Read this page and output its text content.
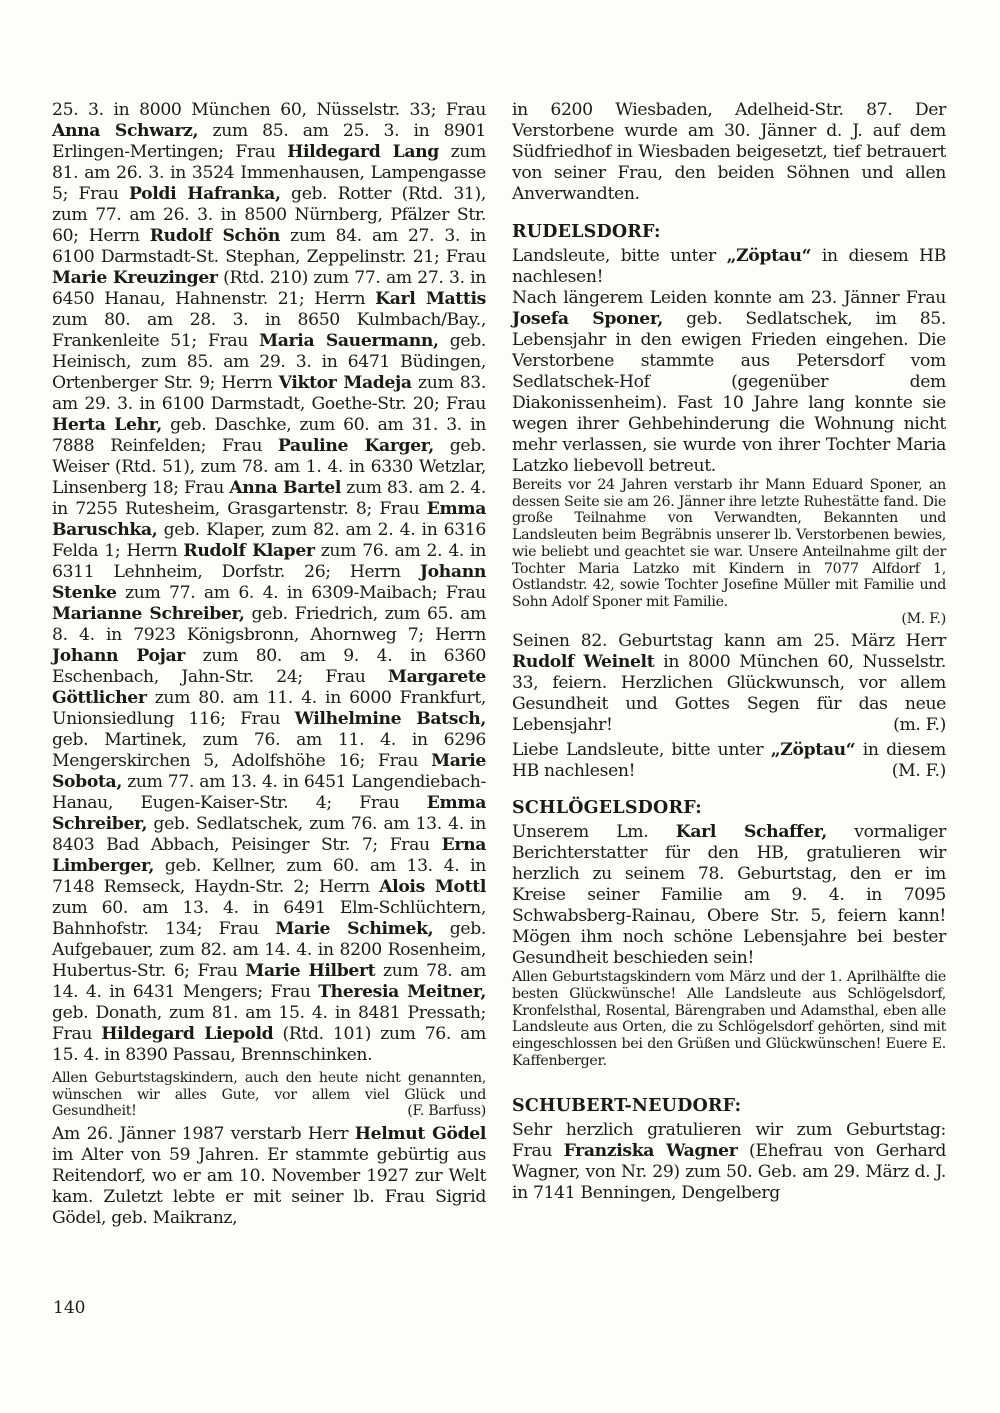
25. 3. in 8000 München 60, Nüsselstr. 33; Frau Anna Schwarz, zum 85. am 25. 3. in 8901 Erlingen-Mertingen; Frau Hildegard Lang zum 81. am 26. 3. in 3524 Immenhausen, Lampengasse 5; Frau Poldi Hafranka, geb. Rotter (Rtd. 31), zum 77. am 26. 3. in 8500 Nürnberg, Pfälzer Str. 60; Herrn Rudolf Schön zum 84. am 27. 3. in 6100 Darmstadt-St. Stephan, Zeppelinstr. 21; Frau Marie Kreuzinger (Rtd. 210) zum 77. am 27. 3. in 6450 Hanau, Hahnenstr. 21; Herrn Karl Mattis zum 80. am 28. 3. in 8650 Kulmbach/Bay., Frankenleite 51; Frau Maria Sauermann, geb. Heinisch, zum 85. am 29. 3. in 6471 Büdingen, Ortenberger Str. 9; Herrn Viktor Madeja zum 83. am 29. 3. in 6100 Darmstadt, Goethe-Str. 20; Frau Herta Lehr, geb. Daschke, zum 60. am 31. 3. in 7888 Reinfelden; Frau Pauline Karger, geb. Weiser (Rtd. 51), zum 78. am 1. 4. in 6330 Wetzlar, Linsenberg 18; Frau Anna Bartel zum 83. am 2. 4. in 7255 Rutesheim, Grasgartenstr. 8; Frau Emma Baruschka, geb. Klaper, zum 82. am 2. 4. in 6316 Felda 1; Herrn Rudolf Klaper zum 76. am 2. 4. in 6311 Lehnheim, Dorfstr. 26; Herrn Johann Stenke zum 77. am 6. 4. in 6309-Maibach; Frau Marianne Schreiber, geb. Friedrich, zum 65. am 8. 4. in 7923 Königsbronn, Ahornweg 7; Herrn Johann Pojar zum 80. am 9. 4. in 6360 Eschenbach, Jahn-Str. 24; Frau Margarete Göttlicher zum 80. am 11. 4. in 6000 Frankfurt, Unionsiedlung 116; Frau Wilhelmine Batsch, geb. Martinek, zum 76. am 11. 4. in 6296 Mengerskirchen 5, Adolfshöhe 16; Frau Marie Sobota, zum 77. am 13. 4. in 6451 Langendiebach-Hanau, Eugen-Kaiser-Str. 4; Frau Emma Schreiber, geb. Sedlatschek, zum 76. am 13. 4. in 8403 Bad Abbach, Peisinger Str. 7; Frau Erna Limberger, geb. Kellner, zum 60. am 13. 4. in 7148 Remseck, Haydn-Str. 2; Herrn Alois Mottl zum 60. am 13. 4. in 6491 Elm-Schlüchtern, Bahnhofstr. 134; Frau Marie Schimek, geb. Aufgebauer, zum 82. am 14. 4. in 8200 Rosenheim, Hubertus-Str. 6; Frau Marie Hilbert zum 78. am 14. 4. in 6431 Mengers; Frau Theresia Meitner, geb. Donath, zum 81. am 15. 4. in 8481 Pressath; Frau Hildegard Liepold (Rtd. 101) zum 76. am 15. 4. in 8390 Passau, Brennschinken.

Allen Geburtstagskindern, auch den heute nicht genannten, wünschen wir alles Gute, vor allem viel Glück und Gesundheit!	(F. Barfuss)

Am 26. Jänner 1987 verstarb Herr Helmut Gödel im Alter von 59 Jahren. Er stammte gebürtig aus Reitendorf, wo er am 10. November 1927 zur Welt kam. Zuletzt lebte er mit seiner lb. Frau Sigrid Gödel, geb. Maikranz,

140

in 6200 Wiesbaden, Adelheid-Str. 87. Der Verstorbene wurde am 30. Jänner d. J. auf dem Südfriedhof in Wiesbaden beigesetzt, tief betrauert von seiner Frau, den beiden Söhnen und allen Anverwandten.

RUDELSDORF:

Landsleute, bitte unter „Zöptau“ in diesem HB nachlesen!

Nach längerem Leiden konnte am 23. Jänner Frau Josefa Sponer, geb. Sedlatschek, im 85. Lebensjahr in den ewigen Frieden eingehen. Die Verstorbene stammte aus Petersdorf vom Sedlatschek-Hof (gegenüber dem Diakonissenheim). Fast 10 Jahre lang konnte sie wegen ihrer Gehbehinderung die Wohnung nicht mehr verlassen, sie wurde von ihrer Tochter Maria Latzko liebevoll betreut.

Bereits vor 24 Jahren verstarb ihr Mann Eduard Sponer, an dessen Seite sie am 26. Jänner ihre letzte Ruhestätte fand. Die große Teilnahme von Verwandten, Bekannten und Landsleuten beim Begräbnis unserer lb. Verstorbenen bewies, wie beliebt und geachtet sie war. Unsere Anteilnahme gilt der Tochter Maria Latzko mit Kindern in 7077 Alfdorf 1, Ostlandstr. 42, sowie Tochter Josefine Müller mit Familie und Sohn Adolf Sponer mit Familie.

(M. F.)

Seinen 82. Geburtstag kann am 25. März Herr Rudolf Weinelt in 8000 München 60, Nusselstr. 33, feiern. Herzlichen Glückwunsch, vor allem Gesundheit und Gottes Segen für das neue Lebensjahr!	(m. F.)

Liebe Landsleute, bitte unter „Zöptau“ in diesem HB nachlesen!	(M. F.)

SCHLÖGELSDORF:

Unserem Lm. Karl Schaffer, vormaliger Berichterstatter für den HB, gratulieren wir herzlich zu seinem 78. Geburtstag, den er im Kreise seiner Familie am 9. 4. in 7095 Schwabsberg-Rainau, Obere Str. 5, feiern kann! Mögen ihm noch schöne Lebensjahre bei bester Gesundheit beschieden sein!

Allen Geburtstagskindern vom März und der 1. Aprilhälfte die besten Glückwünsche! Alle Landsleute aus Schlögelsdorf, Kronfelsthal, Rosental, Bärengraben und Adamsthal, eben alle Landsleute aus Orten, die zu Schlögelsdorf gehörten, sind mit eingeschlossen bei den Grüßen und Glückwünschen! Euere E. Kaffenberger.

SCHUBERT-NEUDORF:

Sehr herzlich gratulieren wir zum Geburtstag: Frau Franziska Wagner (Ehefrau von Gerhard Wagner, von Nr. 29) zum 50. Geb. am 29. März d. J. in 7141 Benningen, Dengelberg
